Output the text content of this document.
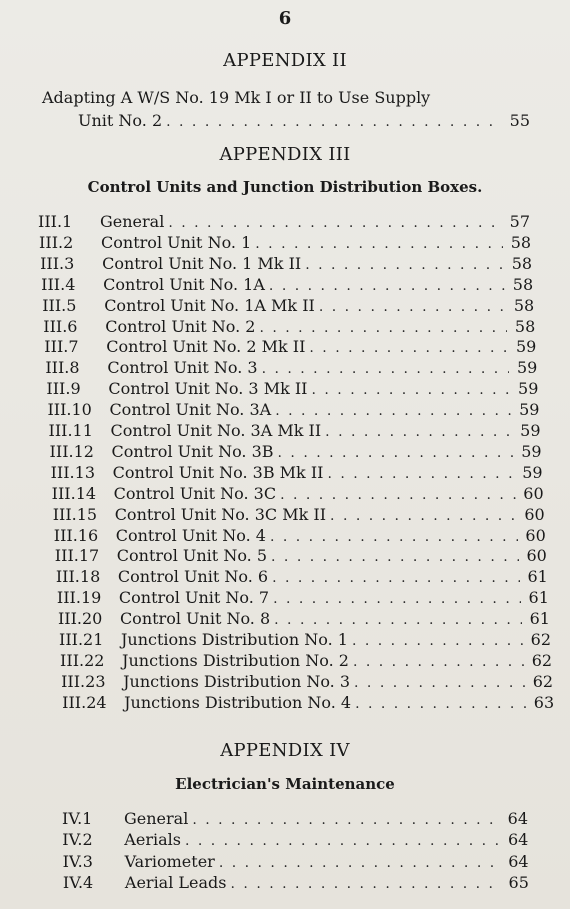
6
APPENDIX II
Adapting A W/S No. 19 Mk I or II to Use Supply
Unit No. 2 . . .	55
APPENDIX III
Control Units and Junction Distribution Boxes.
III.1	General . . .	57
III.2	Control Unit No. 1 . . .	58
III.3	Control Unit No. 1 Mk II . . .	58
III.4	Control Unit No. 1A . . .	58
III.5	Control Unit No. 1A Mk II . . .	58
III.6	Control Unit No. 2 . . .	58
III.7	Control Unit No. 2 Mk II . . .	59
III.8	Control Unit No. 3 . . .	59
III.9	Control Unit No. 3 Mk II . . .	59
III.10	Control Unit No. 3A . . .	59
III.11	Control Unit No. 3A Mk II . . .	59
III.12	Control Unit No. 3B . . .	59
III.13	Control Unit No. 3B Mk II . . .	59
III.14	Control Unit No. 3C . . .	60
III.15	Control Unit No. 3C Mk II . . .	60
III.16	Control Unit No. 4 . . .	60
III.17	Control Unit No. 5 . . .	60
III.18	Control Unit No. 6 . . .	61
III.19	Control Unit No. 7 . . .	61
III.20	Control Unit No. 8 . . .	61
III.21	Junctions Distribution No. 1 . . .	62
III.22	Junctions Distribution No. 2 . . .	62
III.23	Junctions Distribution No. 3 . . .	62
III.24	Junctions Distribution No. 4 . . .	63
APPENDIX IV
Electrician's Maintenance
IV.1	General . . .	64
IV.2	Aerials . . .	64
IV.3	Variometer . . .	64
IV.4	Aerial Leads . . .	65
